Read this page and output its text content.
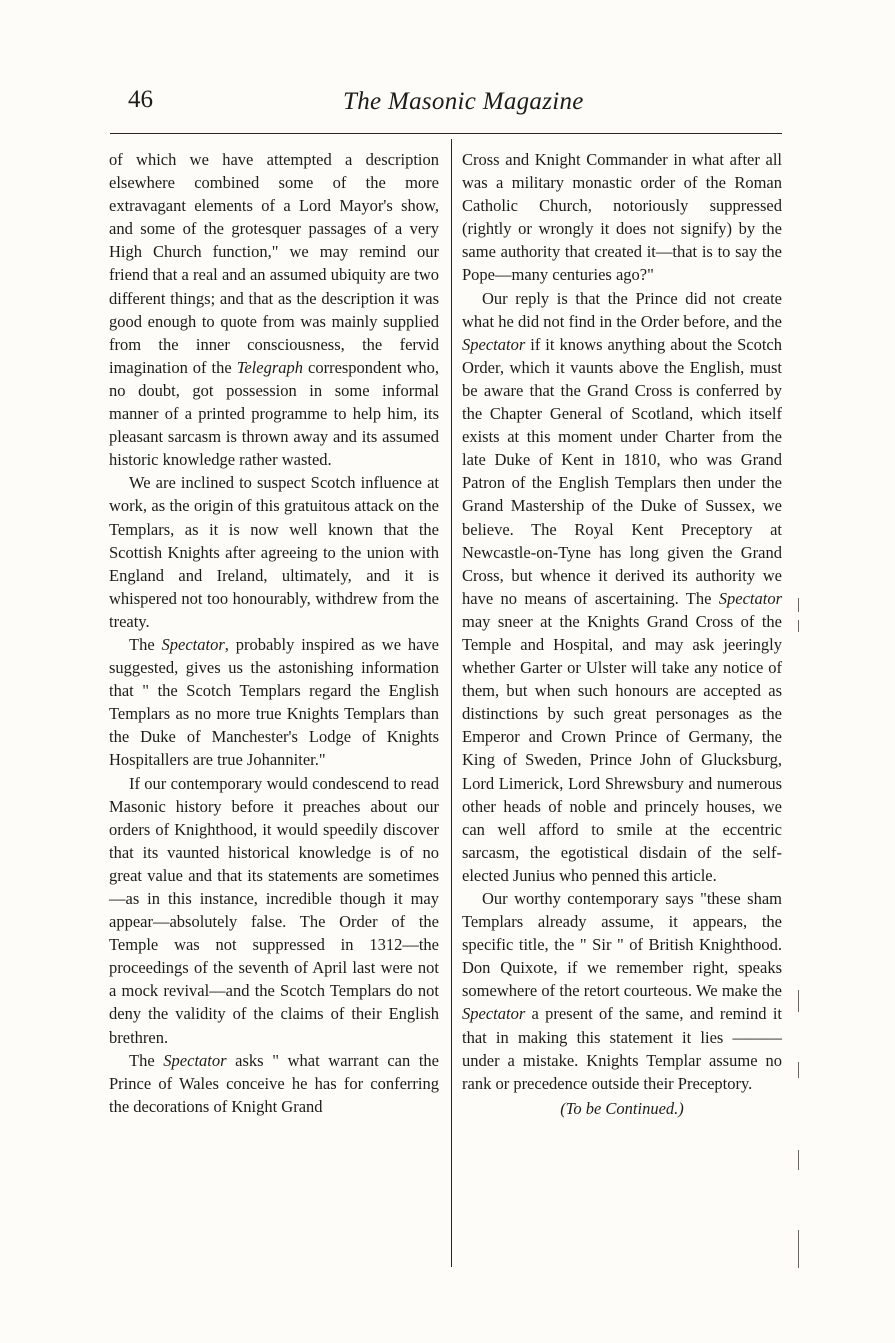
46	The Masonic Magazine

of which we have attempted a description elsewhere combined some of the more extravagant elements of a Lord Mayor's show, and some of the grotesquer passages of a very High Church function," we may remind our friend that a real and an assumed ubiquity are two different things; and that as the description it was good enough to quote from was mainly supplied from the inner consciousness, the fervid imagination of the Telegraph correspondent who, no doubt, got possession in some informal manner of a printed programme to help him, its pleasant sarcasm is thrown away and its assumed historic knowledge rather wasted.

We are inclined to suspect Scotch influence at work, as the origin of this gratuitous attack on the Templars, as it is now well known that the Scottish Knights after agreeing to the union with England and Ireland, ultimately, and it is whispered not too honourably, withdrew from the treaty.

The Spectator, probably inspired as we have suggested, gives us the astonishing information that " the Scotch Templars regard the English Templars as no more true Knights Templars than the Duke of Manchester's Lodge of Knights Hospitallers are true Johanniter."

If our contemporary would condescend to read Masonic history before it preaches about our orders of Knighthood, it would speedily discover that its vaunted historical knowledge is of no great value and that its statements are sometimes—as in this instance, incredible though it may appear—absolutely false. The Order of the Temple was not suppressed in 1312—the proceedings of the seventh of April last were not a mock revival—and the Scotch Templars do not deny the validity of the claims of their English brethren.

The Spectator asks " what warrant can the Prince of Wales conceive he has for conferring the decorations of Knight Grand

Cross and Knight Commander in what after all was a military monastic order of the Roman Catholic Church, notoriously suppressed (rightly or wrongly it does not signify) by the same authority that created it—that is to say the Pope—many centuries ago?"

Our reply is that the Prince did not create what he did not find in the Order before, and the Spectator if it knows anything about the Scotch Order, which it vaunts above the English, must be aware that the Grand Cross is conferred by the Chapter General of Scotland, which itself exists at this moment under Charter from the late Duke of Kent in 1810, who was Grand Patron of the English Templars then under the Grand Mastership of the Duke of Sussex, we believe. The Royal Kent Preceptory at Newcastle-on-Tyne has long given the Grand Cross, but whence it derived its authority we have no means of ascertaining. The Spectator may sneer at the Knights Grand Cross of the Temple and Hospital, and may ask jeeringly whether Garter or Ulster will take any notice of them, but when such honours are accepted as distinctions by such great personages as the Emperor and Crown Prince of Germany, the King of Sweden, Prince John of Glucksburg, Lord Limerick, Lord Shrewsbury and numerous other heads of noble and princely houses, we can well afford to smile at the eccentric sarcasm, the egotistical disdain of the self-elected Junius who penned this article.

Our worthy contemporary says "these sham Templars already assume, it appears, the specific title, the " Sir " of British Knighthood. Don Quixote, if we remember right, speaks somewhere of the retort courteous. We make the Spectator a present of the same, and remind it that in making this statement it lies ——— under a mistake. Knights Templar assume no rank or precedence outside their Preceptory.

(To be Continued.)
